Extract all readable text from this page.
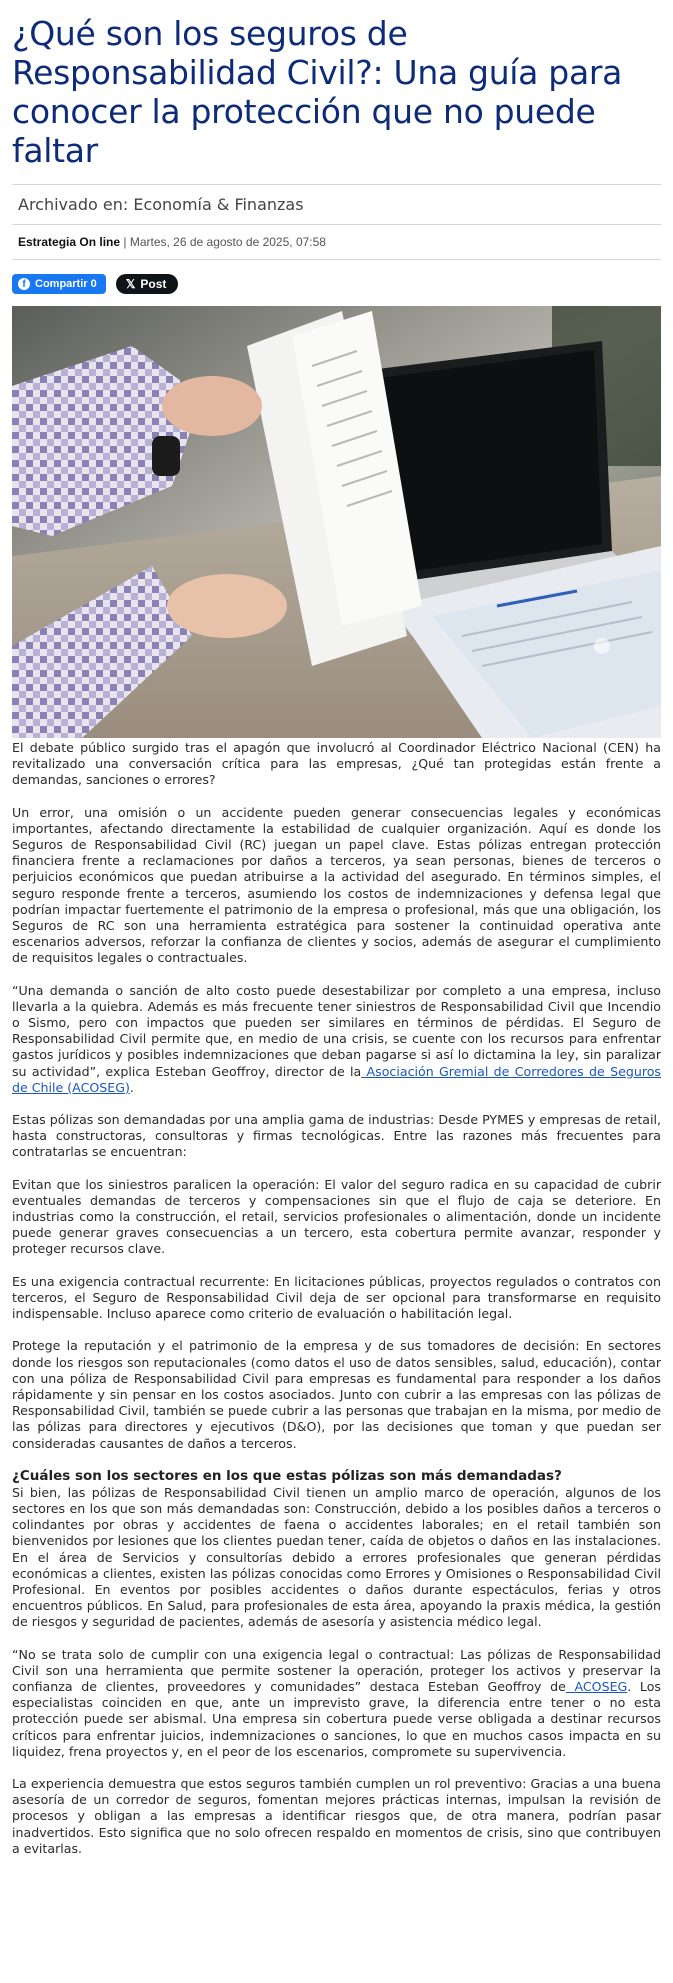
¿Qué son los seguros de Responsabilidad Civil?: Una guía para conocer la protección que no puede faltar
Archivado en: Economía & Finanzas
Estrategia On line | Martes, 26 de agosto de 2025, 07:58
f Compartir 0 𝕏 Post

El debate público surgido tras el apagón que involucró al Coordinador Eléctrico Nacional (CEN) ha revitalizado una conversación crítica para las empresas, ¿Qué tan protegidas están frente a demandas, sanciones o errores?

Un error, una omisión o un accidente pueden generar consecuencias legales y económicas importantes, afectando directamente la estabilidad de cualquier organización. Aquí es donde los Seguros de Responsabilidad Civil (RC) juegan un papel clave. Estas pólizas entregan protección financiera frente a reclamaciones por daños a terceros, ya sean personas, bienes de terceros o perjuicios económicos que puedan atribuirse a la actividad del asegurado. En términos simples, el seguro responde frente a terceros, asumiendo los costos de indemnizaciones y defensa legal que podrían impactar fuertemente el patrimonio de la empresa o profesional, más que una obligación, los Seguros de RC son una herramienta estratégica para sostener la continuidad operativa ante escenarios adversos, reforzar la confianza de clientes y socios, además de asegurar el cumplimiento de requisitos legales o contractuales.

“Una demanda o sanción de alto costo puede desestabilizar por completo a una empresa, incluso llevarla a la quiebra. Además es más frecuente tener siniestros de Responsabilidad Civil que Incendio o Sismo, pero con impactos que pueden ser similares en términos de pérdidas. El Seguro de Responsabilidad Civil permite que, en medio de una crisis, se cuente con los recursos para enfrentar gastos jurídicos y posibles indemnizaciones que deban pagarse si así lo dictamina la ley, sin paralizar su actividad”, explica Esteban Geoffroy, director de la Asociación Gremial de Corredores de Seguros de Chile (ACOSEG).

Estas pólizas son demandadas por una amplia gama de industrias: Desde PYMES y empresas de retail, hasta constructoras, consultoras y firmas tecnológicas. Entre las razones más frecuentes para contratarlas se encuentran:

Evitan que los siniestros paralicen la operación: El valor del seguro radica en su capacidad de cubrir eventuales demandas de terceros y compensaciones sin que el flujo de caja se deteriore. En industrias como la construcción, el retail, servicios profesionales o alimentación, donde un incidente puede generar graves consecuencias a un tercero, esta cobertura permite avanzar, responder y proteger recursos clave.

Es una exigencia contractual recurrente: En licitaciones públicas, proyectos regulados o contratos con terceros, el Seguro de Responsabilidad Civil deja de ser opcional para transformarse en requisito indispensable. Incluso aparece como criterio de evaluación o habilitación legal.

Protege la reputación y el patrimonio de la empresa y de sus tomadores de decisión: En sectores donde los riesgos son reputacionales (como datos el uso de datos sensibles, salud, educación), contar con una póliza de Responsabilidad Civil para empresas es fundamental para responder a los daños rápidamente y sin pensar en los costos asociados. Junto con cubrir a las empresas con las pólizas de Responsabilidad Civil, también se puede cubrir a las personas que trabajan en la misma, por medio de las pólizas para directores y ejecutivos (D&O), por las decisiones que toman y que puedan ser consideradas causantes de daños a terceros.

¿Cuáles son los sectores en los que estas pólizas son más demandadas?

Si bien, las pólizas de Responsabilidad Civil tienen un amplio marco de operación, algunos de los sectores en los que son más demandadas son: Construcción, debido a los posibles daños a terceros o colindantes por obras y accidentes de faena o accidentes laborales; en el retail también son bienvenidos por lesiones que los clientes puedan tener, caída de objetos o daños en las instalaciones. En el área de Servicios y consultorías debido a errores profesionales que generan pérdidas económicas a clientes, existen las pólizas conocidas como Errores y Omisiones o Responsabilidad Civil Profesional. En eventos por posibles accidentes o daños durante espectáculos, ferias y otros encuentros públicos. En Salud, para profesionales de esta área, apoyando la praxis médica, la gestión de riesgos y seguridad de pacientes, además de asesoría y asistencia médico legal.

“No se trata solo de cumplir con una exigencia legal o contractual: Las pólizas de Responsabilidad Civil son una herramienta que permite sostener la operación, proteger los activos y preservar la confianza de clientes, proveedores y comunidades” destaca Esteban Geoffroy de ACOSEG. Los especialistas coinciden en que, ante un imprevisto grave, la diferencia entre tener o no esta protección puede ser abismal. Una empresa sin cobertura puede verse obligada a destinar recursos críticos para enfrentar juicios, indemnizaciones o sanciones, lo que en muchos casos impacta en su liquidez, frena proyectos y, en el peor de los escenarios, compromete su supervivencia.

La experiencia demuestra que estos seguros también cumplen un rol preventivo: Gracias a una buena asesoría de un corredor de seguros, fomentan mejores prácticas internas, impulsan la revisión de procesos y obligan a las empresas a identificar riesgos que, de otra manera, podrían pasar inadvertidos. Esto significa que no solo ofrecen respaldo en momentos de crisis, sino que contribuyen a evitarlas.
